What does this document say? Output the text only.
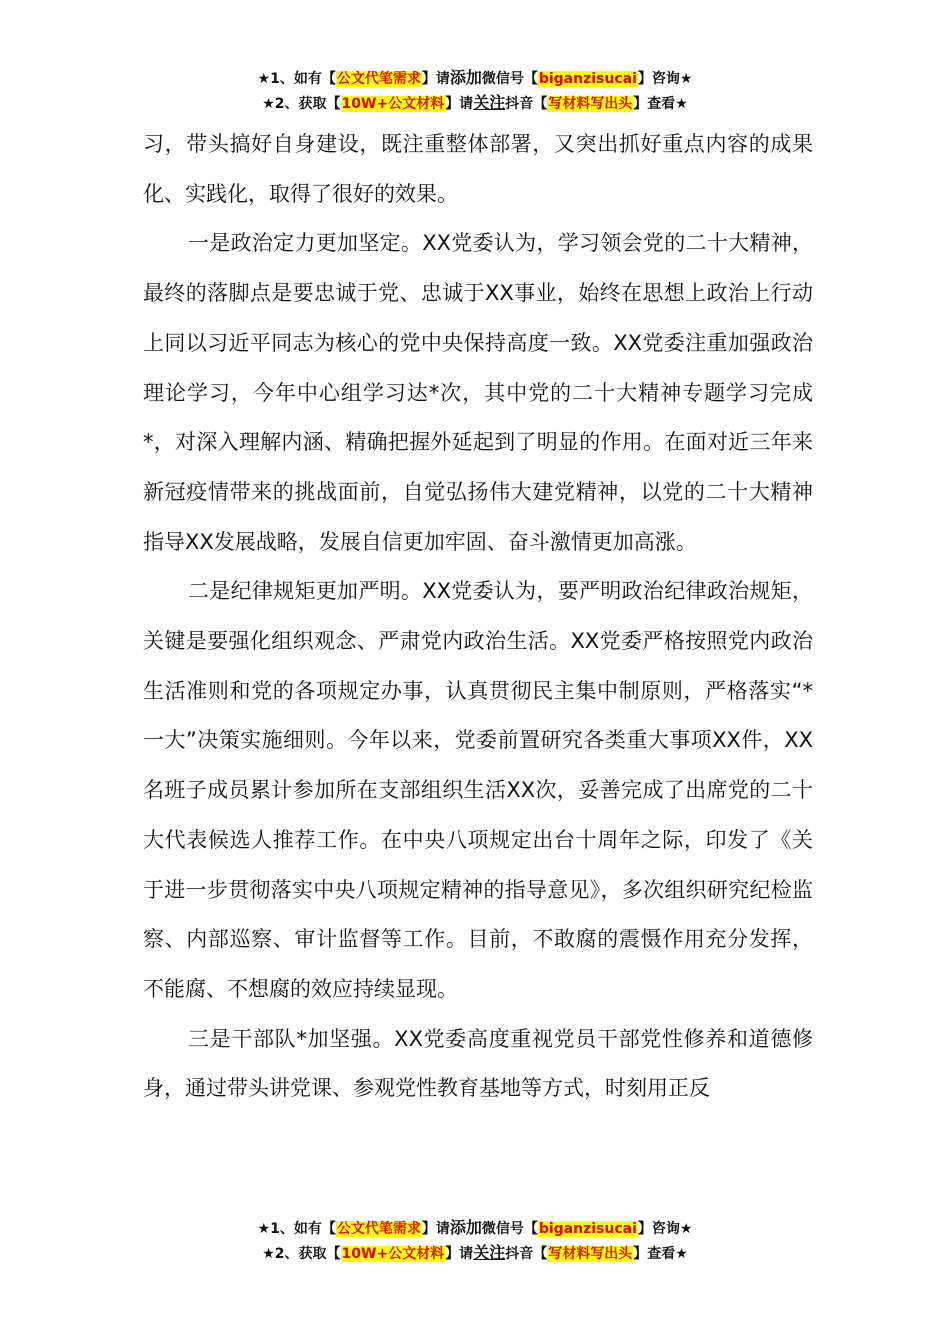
★1、如有【公文代笔需求】请添加微信号【biganzisucai】咨询★
★2、获取【10W+公文材料】请关注抖音【写材料写出头】查看★

习，带头搞好自身建设，既注重整体部署，又突出抓好重点内容的成果化、实践化，取得了很好的效果。

一是政治定力更加坚定。XX党委认为，学习领会党的二十大精神，最终的落脚点是要忠诚于党、忠诚于XX事业，始终在思想上政治上行动上同以习近平同志为核心的党中央保持高度一致。XX党委注重加强政治理论学习，今年中心组学习达*次，其中党的二十大精神专题学习完成*，对深入理解内涵、精确把握外延起到了明显的作用。在面对近三年来新冠疫情带来的挑战面前，自觉弘扬伟大建党精神，以党的二十大精神指导XX发展战略，发展自信更加牢固、奋斗激情更加高涨。

二是纪律规矩更加严明。XX党委认为，要严明政治纪律政治规矩，关键是要强化组织观念、严肃党内政治生活。XX党委严格按照党内政治生活准则和党的各项规定办事，认真贯彻民主集中制原则，严格落实“*一大”决策实施细则。今年以来，党委前置研究各类重大事项XX件，XX名班子成员累计参加所在支部组织生活XX次，妥善完成了出席党的二十大代表候选人推荐工作。在中央八项规定出台十周年之际，印发了《关于进一步贯彻落实中央八项规定精神的指导意见》，多次组织研究纪检监察、内部巡察、审计监督等工作。目前，不敢腐的震慑作用充分发挥，不能腐、不想腐的效应持续显现。

三是干部队*加坚强。XX党委高度重视党员干部党性修养和道德修身，通过带头讲党课、参观党性教育基地等方式，时刻用正反

★1、如有【公文代笔需求】请添加微信号【biganzisucai】咨询★
★2、获取【10W+公文材料】请关注抖音【写材料写出头】查看★
